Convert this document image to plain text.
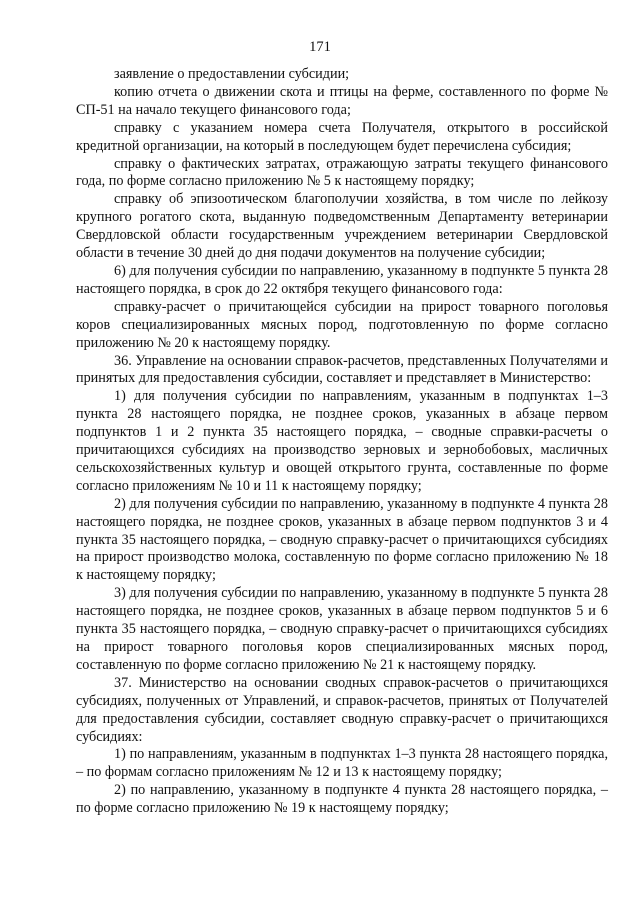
171

заявление о предоставлении субсидии;

копию отчета о движении скота и птицы на ферме, составленного по форме № СП-51 на начало текущего финансового года;

справку с указанием номера счета Получателя, открытого в российской кредитной организации, на который в последующем будет перечислена субсидия;

справку о фактических затратах, отражающую затраты текущего финансового года, по форме согласно приложению № 5 к настоящему порядку;

справку об эпизоотическом благополучии хозяйства, в том числе по лейкозу крупного рогатого скота, выданную подведомственным Департаменту ветеринарии Свердловской области государственным учреждением ветеринарии Свердловской области в течение 30 дней до дня подачи документов на получение субсидии;

6) для получения субсидии по направлению, указанному в подпункте 5 пункта 28 настоящего порядка, в срок до 22 октября текущего финансового года:

справку-расчет о причитающейся субсидии на прирост товарного поголовья коров специализированных мясных пород, подготовленную по форме согласно приложению № 20 к настоящему порядку.

36. Управление на основании справок-расчетов, представленных Получателями и принятых для предоставления субсидии, составляет и представляет в Министерство:

1) для получения субсидии по направлениям, указанным в подпунктах 1–3 пункта 28 настоящего порядка, не позднее сроков, указанных в абзаце первом подпунктов 1 и 2 пункта 35 настоящего порядка, – сводные справки-расчеты о причитающихся субсидиях на производство зерновых и зернобобовых, масличных сельскохозяйственных культур и овощей открытого грунта, составленные по форме согласно приложениям № 10 и 11 к настоящему порядку;

2) для получения субсидии по направлению, указанному в подпункте 4 пункта 28 настоящего порядка, не позднее сроков, указанных в абзаце первом подпунктов 3 и 4 пункта 35 настоящего порядка, – сводную справку-расчет о причитающихся субсидиях на прирост производство молока, составленную по форме согласно приложению № 18 к настоящему порядку;

3) для получения субсидии по направлению, указанному в подпункте 5 пункта 28 настоящего порядка, не позднее сроков, указанных в абзаце первом подпунктов 5 и 6 пункта 35 настоящего порядка, – сводную справку-расчет о причитающихся субсидиях на прирост товарного поголовья коров специализированных мясных пород, составленную по форме согласно приложению № 21 к настоящему порядку.

37. Министерство на основании сводных справок-расчетов о причитающихся субсидиях, полученных от Управлений, и справок-расчетов, принятых от Получателей для предоставления субсидии, составляет сводную справку-расчет о причитающихся субсидиях:

1) по направлениям, указанным в подпунктах 1–3 пункта 28 настоящего порядка, – по формам согласно приложениям № 12 и 13 к настоящему порядку;

2) по направлению, указанному в подпункте 4 пункта 28 настоящего порядка, – по форме согласно приложению № 19 к настоящему порядку;
